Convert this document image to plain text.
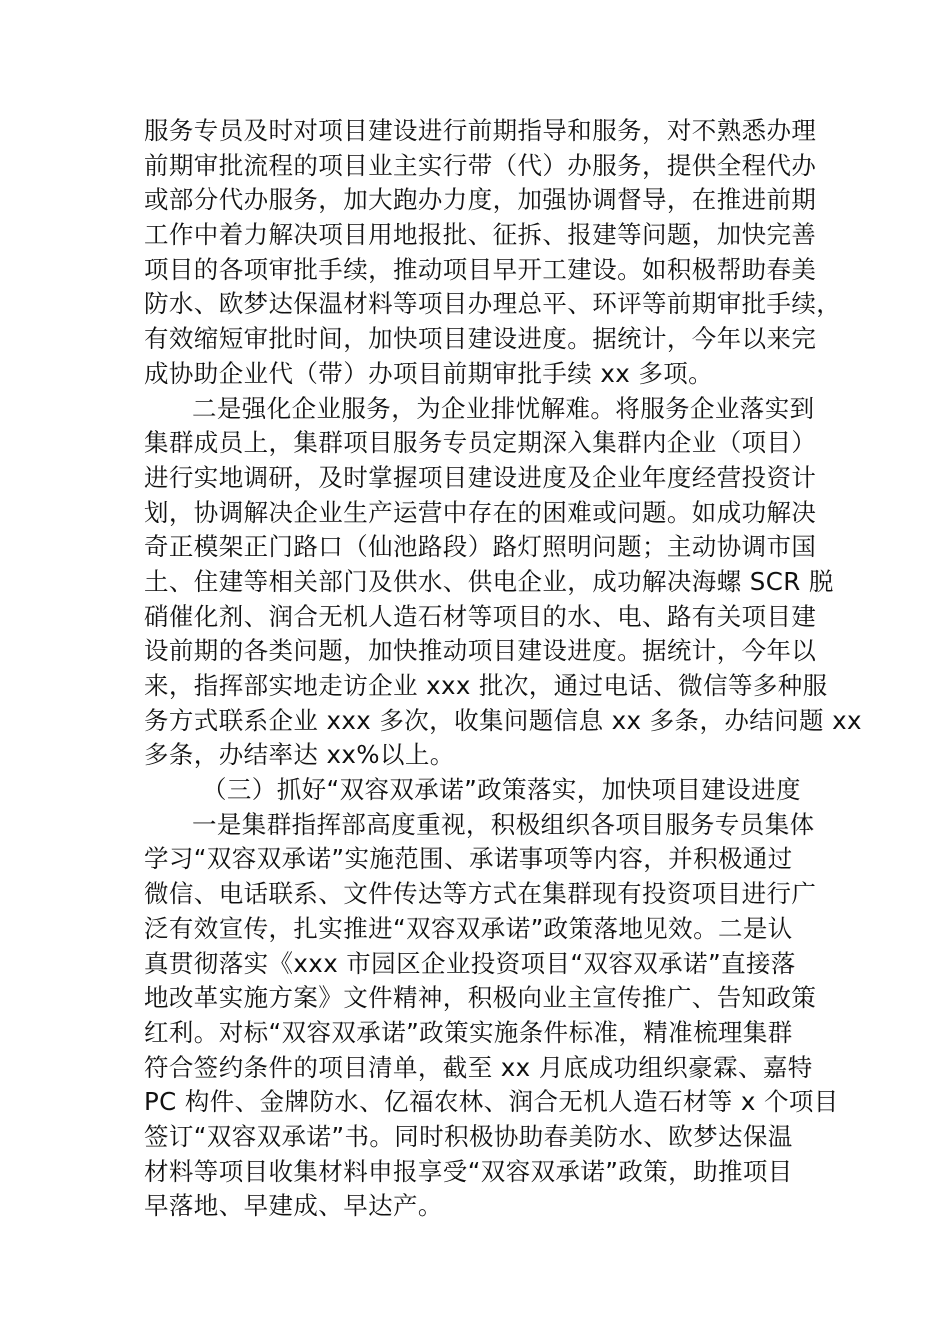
服务专员及时对项目建设进行前期指导和服务，对不熟悉办理
前期审批流程的项目业主实行带（代）办服务，提供全程代办
或部分代办服务，加大跑办力度，加强协调督导，在推进前期
工作中着力解决项目用地报批、征拆、报建等问题，加快完善
项目的各项审批手续，推动项目早开工建设。如积极帮助春美
防水、欧梦达保温材料等项目办理总平、环评等前期审批手续，
有效缩短审批时间，加快项目建设进度。据统计，今年以来完
成协助企业代（带）办项目前期审批手续 xx 多项。
二是强化企业服务，为企业排忧解难。将服务企业落实到
集群成员上，集群项目服务专员定期深入集群内企业（项目）
进行实地调研，及时掌握项目建设进度及企业年度经营投资计
划，协调解决企业生产运营中存在的困难或问题。如成功解决
奇正模架正门路口（仙池路段）路灯照明问题；主动协调市国
土、住建等相关部门及供水、供电企业，成功解决海螺 SCR 脱
硝催化剂、润合无机人造石材等项目的水、电、路有关项目建
设前期的各类问题，加快推动项目建设进度。据统计，今年以
来，指挥部实地走访企业 xxx 批次，通过电话、微信等多种服
务方式联系企业 xxx 多次，收集问题信息 xx 多条，办结问题 xx
多条，办结率达 xx%以上。
（三）抓好“双容双承诺”政策落实，加快项目建设进度
一是集群指挥部高度重视，积极组织各项目服务专员集体
学习“双容双承诺”实施范围、承诺事项等内容，并积极通过
微信、电话联系、文件传达等方式在集群现有投资项目进行广
泛有效宣传，扎实推进“双容双承诺”政策落地见效。二是认
真贯彻落实《xxx 市园区企业投资项目“双容双承诺”直接落
地改革实施方案》文件精神，积极向业主宣传推广、告知政策
红利。对标“双容双承诺”政策实施条件标准，精准梳理集群
符合签约条件的项目清单，截至 xx 月底成功组织豪霖、嘉特
PC 构件、金牌防水、亿福农林、润合无机人造石材等 x 个项目
签订“双容双承诺”书。同时积极协助春美防水、欧梦达保温
材料等项目收集材料申报享受“双容双承诺”政策，助推项目
早落地、早建成、早达产。
